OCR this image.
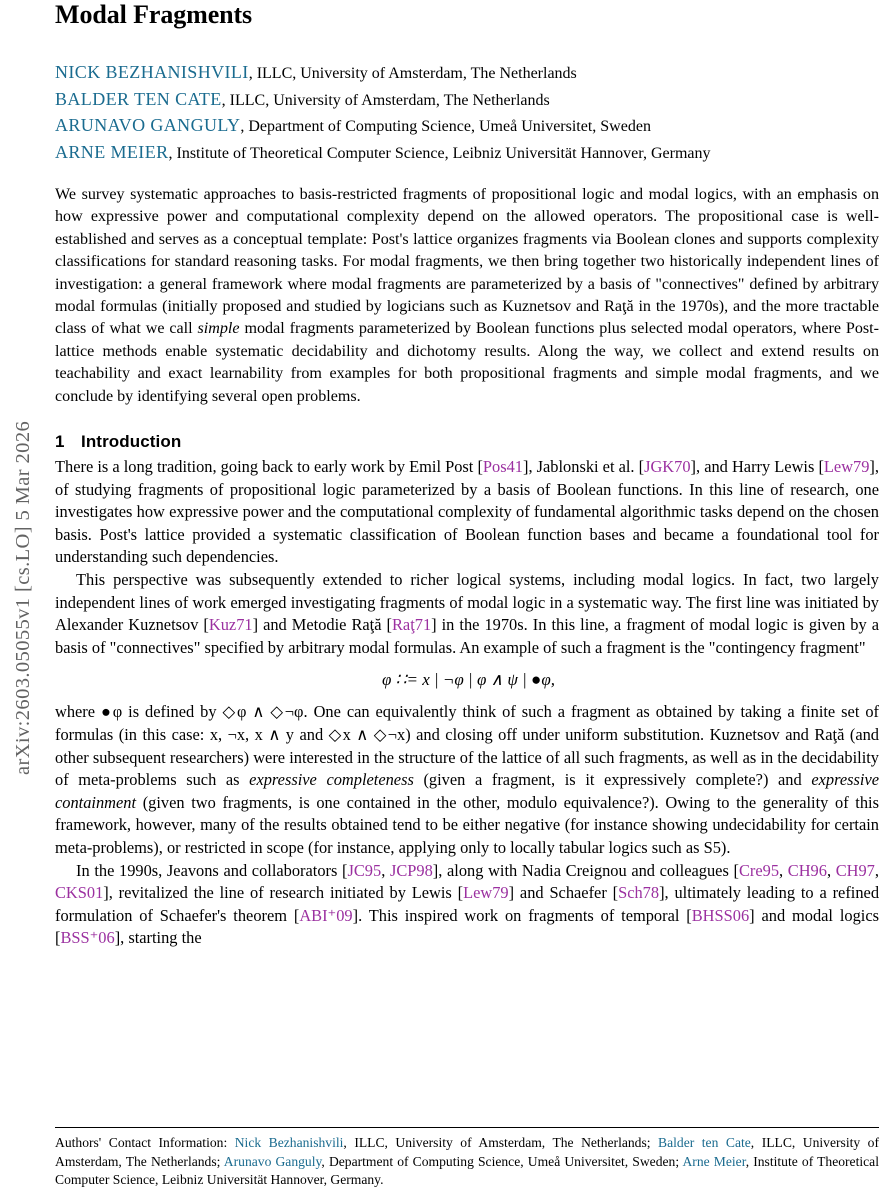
arXiv:2603.05055v1 [cs.LO] 5 Mar 2026
Modal Fragments
NICK BEZHANISHVILI, ILLC, University of Amsterdam, The Netherlands
BALDER TEN CATE, ILLC, University of Amsterdam, The Netherlands
ARUNAVO GANGULY, Department of Computing Science, Umeå Universitet, Sweden
ARNE MEIER, Institute of Theoretical Computer Science, Leibniz Universität Hannover, Germany
We survey systematic approaches to basis-restricted fragments of propositional logic and modal logics, with an emphasis on how expressive power and computational complexity depend on the allowed operators. The propositional case is well-established and serves as a conceptual template: Post's lattice organizes fragments via Boolean clones and supports complexity classifications for standard reasoning tasks. For modal fragments, we then bring together two historically independent lines of investigation: a general framework where modal fragments are parameterized by a basis of "connectives" defined by arbitrary modal formulas (initially proposed and studied by logicians such as Kuznetsov and Raţă in the 1970s), and the more tractable class of what we call simple modal fragments parameterized by Boolean functions plus selected modal operators, where Post-lattice methods enable systematic decidability and dichotomy results. Along the way, we collect and extend results on teachability and exact learnability from examples for both propositional fragments and simple modal fragments, and we conclude by identifying several open problems.
1 Introduction

There is a long tradition, going back to early work by Emil Post [Pos41], Jablonski et al. [JGK70], and Harry Lewis [Lew79], of studying fragments of propositional logic parameterized by a basis of Boolean functions. In this line of research, one investigates how expressive power and the computational complexity of fundamental algorithmic tasks depend on the chosen basis. Post's lattice provided a systematic classification of Boolean function bases and became a foundational tool for understanding such dependencies.

This perspective was subsequently extended to richer logical systems, including modal logics. In fact, two largely independent lines of work emerged investigating fragments of modal logic in a systematic way. The first line was initiated by Alexander Kuznetsov [Kuz71] and Metodie Raţă [Raţ71] in the 1970s. In this line, a fragment of modal logic is given by a basis of "connectives" specified by arbitrary modal formulas. An example of such a fragment is the "contingency fragment"

φ ∷= x | ¬φ | φ ∧ ψ | ●φ,

where ●φ is defined by ◇φ ∧ ◇¬φ. One can equivalently think of such a fragment as obtained by taking a finite set of formulas (in this case: x, ¬x, x ∧ y and ◇x ∧ ◇¬x) and closing off under uniform substitution. Kuznetsov and Raţă (and other subsequent researchers) were interested in the structure of the lattice of all such fragments, as well as in the decidability of meta-problems such as expressive completeness (given a fragment, is it expressively complete?) and expressive containment (given two fragments, is one contained in the other, modulo equivalence?). Owing to the generality of this framework, however, many of the results obtained tend to be either negative (for instance showing undecidability for certain meta-problems), or restricted in scope (for instance, applying only to locally tabular logics such as S5).

In the 1990s, Jeavons and collaborators [JC95, JCP98], along with Nadia Creignou and colleagues [Cre95, CH96, CH97, CKS01], revitalized the line of research initiated by Lewis [Lew79] and Schaefer [Sch78], ultimately leading to a refined formulation of Schaefer's theorem [ABI⁺09]. This inspired work on fragments of temporal [BHSS06] and modal logics [BSS⁺06], starting the

Authors' Contact Information: Nick Bezhanishvili, ILLC, University of Amsterdam, The Netherlands; Balder ten Cate, ILLC, University of Amsterdam, The Netherlands; Arunavo Ganguly, Department of Computing Science, Umeå Universitet, Sweden; Arne Meier, Institute of Theoretical Computer Science, Leibniz Universität Hannover, Germany.
